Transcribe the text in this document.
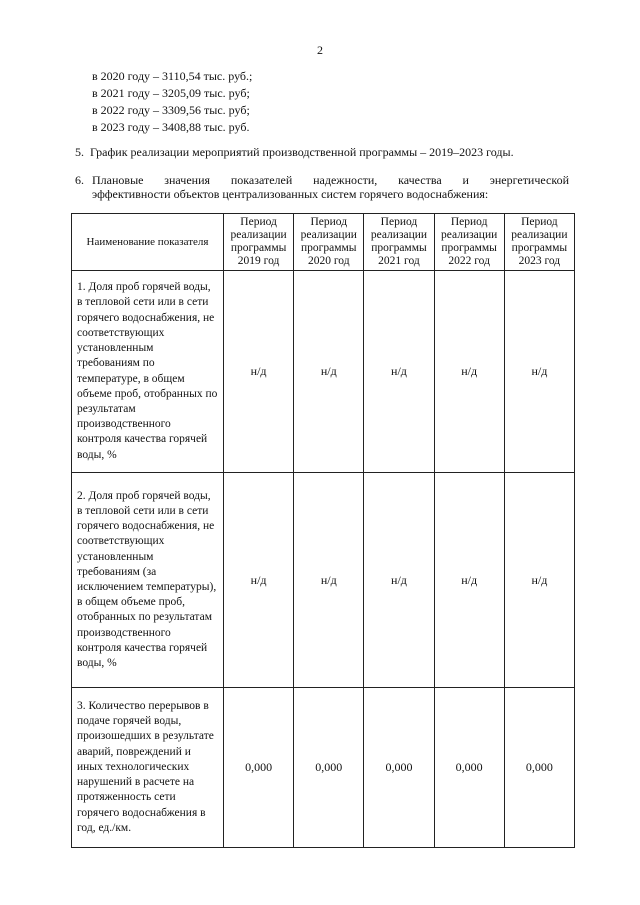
2
в 2020 году – 3110,54 тыс. руб.;
в 2021 году – 3205,09 тыс. руб;
в 2022 году – 3309,56 тыс. руб;
в 2023 году – 3408,88 тыс. руб.
5. График реализации мероприятий производственной программы – 2019–2023 годы.
6. Плановые значения показателей надежности, качества и энергетической
эффективности объектов централизованных систем горячего водоснабжения:
Наименование показателя	Период реализации программы 2019 год	Период реализации программы 2020 год	Период реализации программы 2021 год	Период реализации программы 2022 год	Период реализации программы 2023 год
1. Доля проб горячей воды, в тепловой сети или в сети горячего водоснабжения, не соответствующих установленным требованиям по температуре, в общем объеме проб, отобранных по результатам производственного контроля качества горячей воды, %	н/д	н/д	н/д	н/д	н/д
2. Доля проб горячей воды, в тепловой сети или в сети горячего водоснабжения, не соответствующих установленным требованиям (за исключением температуры), в общем объеме проб, отобранных по результатам производственного контроля качества горячей воды, %	н/д	н/д	н/д	н/д	н/д
3. Количество перерывов в подаче горячей воды, произошедших в результате аварий, повреждений и иных технологических нарушений в расчете на протяженность сети горячего водоснабжения в год, ед./км.	0,000	0,000	0,000	0,000	0,000
